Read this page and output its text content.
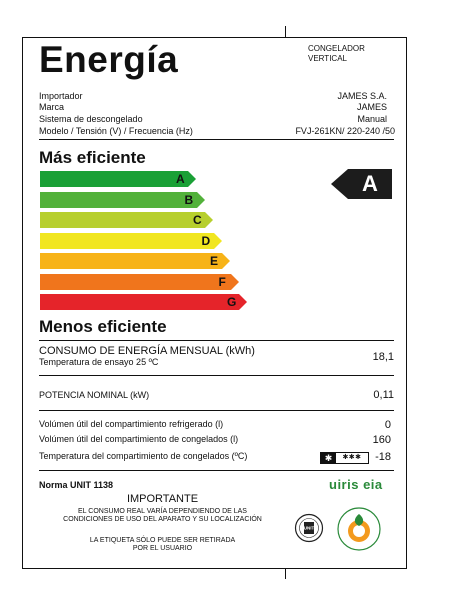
Energía	CONGELADOR
VERTICAL
Importador	JAMES S.A.
Marca	JAMES
Sistema de descongelado	Manual
Modelo / Tensión (V) / Frecuencia (Hz)	FVJ-261KN/ 220-240 /50
Más eficiente
A
B
C
D
E
F
G
A
Menos eficiente
CONSUMO DE ENERGÍA MENSUAL (kWh)
Temperatura de ensayo 25 ºC	18,1
POTENCIA NOMINAL (kW)	0,11
Volúmen útil del compartimiento refrigerado (l)	0
Volúmen útil del compartimiento de congelados (l)	160
Temperatura del compartimiento de congelados (ºC)	✱	✱✱✱	-18
Norma UNIT 1138
IMPORTANTE
EL CONSUMO REAL VARÍA DEPENDIENDO DE LAS
CONDICIONES DE USO DEL APARATO Y SU LOCALIZACIÓN
LA ETIQUETA SÓLO PUEDE SER RETIRADA
POR EL USUARIO
uiris eia
UNIT
